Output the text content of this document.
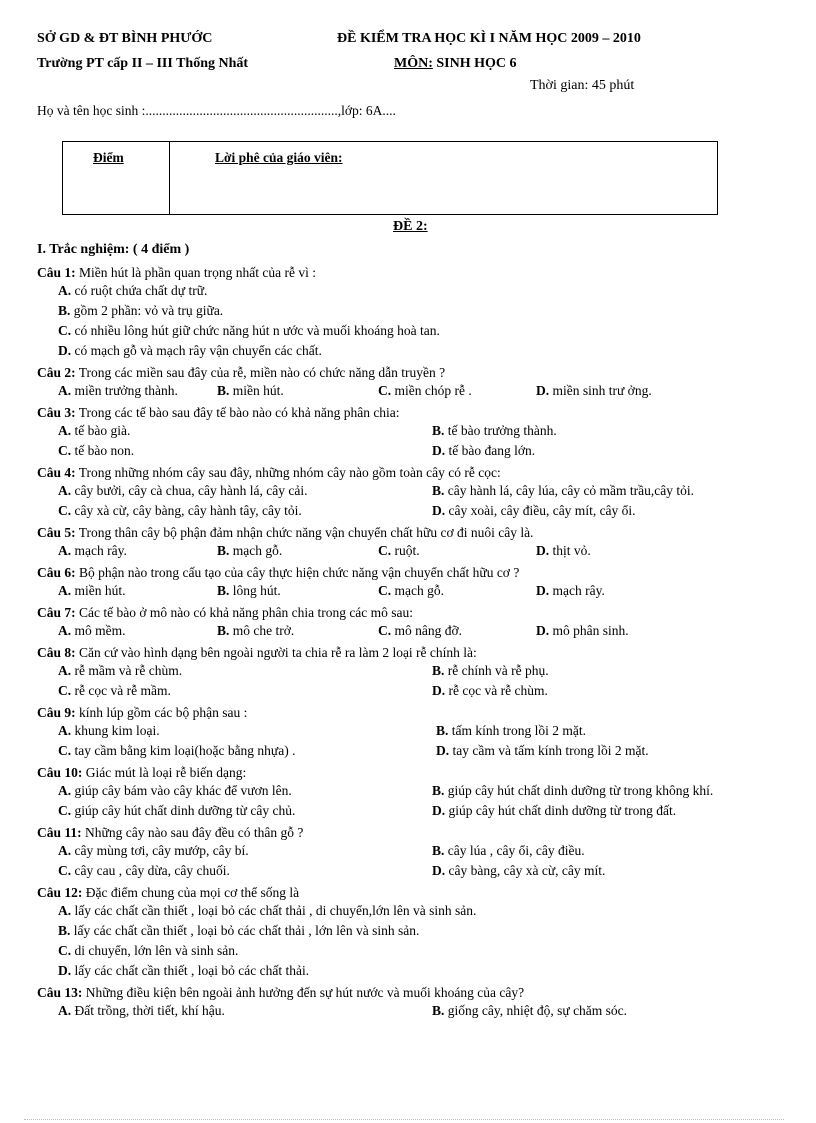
SỞ GD & ĐT BÌNH PHƯỚC	ĐỀ KIỂM TRA HỌC KÌ I NĂM HỌC 2009 – 2010
Trường PT cấp II – III Thống Nhất	MÔN: SINH HỌC 6
Thời gian: 45 phút
Họ và tên học sinh :.........................................................,lớp: 6A....
Điểm	Lời phê của giáo viên:
ĐỀ 2:
I. Trắc nghiệm: ( 4 điểm )
Câu 1: Miền hút là phần quan trọng nhất của rễ vì :
A. có ruột chứa chất dự trữ.
B. gồm 2 phần: vỏ và trụ giữa.
C. có nhiều lông hút giữ chức năng hút n ước và muối khoáng hoà tan.
D. có mạch gỗ và mạch rây vận chuyển các chất.
Câu 2: Trong các miền sau đây của rễ, miền nào có chức năng dẫn truyền ?
A. miền trưởng thành.	B. miền hút.	C. miền chóp rễ .	D. miền sinh trư ởng.
Câu 3: Trong các tế bào sau đây tế bào nào có khả năng phân chia:
A. tế bào già.	B. tế bào trưởng thành.
C. tế bào non.	D. tế bào đang lớn.
Câu 4: Trong những nhóm cây sau đây, những nhóm cây nào gồm toàn cây có rễ cọc:
A. cây bưởi, cây cà chua, cây hành lá, cây cải.	B. cây hành lá, cây lúa, cây cỏ mầm trầu,cây tỏi.
C. cây xà cừ, cây bàng, cây hành tây, cây tỏi.	D. cây xoài, cây điều, cây mít, cây ổi.
Câu 5: Trong thân cây bộ phận đảm nhận chức năng vận chuyển chất hữu cơ đi nuôi cây là.
A. mạch rây.	B. mạch gỗ.	C. ruột.	D. thịt vỏ.
Câu 6: Bộ phận nào trong cấu tạo của cây thực hiện chức năng vận chuyển chất hữu cơ ?
A. miền hút.	B. lông hút.	C. mạch gỗ.	D. mạch rây.
Câu 7: Các tế bào ở mô nào có khả năng phân chia trong các mô sau:
A. mô mềm.	B. mô che trở.	C. mô nâng đỡ.	D. mô phân sinh.
Câu 8: Căn cứ vào hình dạng bên ngoài người ta chia rễ ra làm 2 loại rễ chính là:
A. rễ mầm và rễ chùm.	B. rễ chính và rễ phụ.
C. rễ cọc và rễ mầm.	D. rễ cọc và rễ chùm.
Câu 9: kính lúp gồm các bộ phận sau :
A. khung kim loại.	B. tấm kính trong lồi 2 mặt.
C. tay cầm bằng kim loại(hoặc bằng nhựa) .	D. tay cầm và tấm kính trong lồi 2 mặt.
Câu 10: Giác mút là loại rễ biến dạng:
A. giúp cây bám vào cây khác để vươn lên.	B. giúp cây hút chất dinh dưỡng từ trong không khí.
C. giúp cây hút chất dinh dưỡng từ cây chủ.	D. giúp cây hút chất dinh dưỡng từ trong đất.
Câu 11: Những cây nào sau đây đều có thân gỗ ?
A. cây mùng tơi, cây mướp, cây bí.	B. cây lúa , cây ổi, cây điều.
C. cây cau , cây dừa, cây chuối.	D. cây bàng, cây xà cừ, cây mít.
Câu 12: Đặc điểm chung của mọi cơ thể sống là
A. lấy các chất cần thiết , loại bỏ các chất thải , di chuyển,lớn lên và sinh sản.
B. lấy các chất cần thiết , loại bỏ các chất thải , lớn lên và sinh sản.
C. di chuyển, lớn lên và sinh sản.
D. lấy các chất cần thiết , loại bỏ các chất thải.
Câu 13: Những điều kiện bên ngoài ảnh hưởng đến sự hút nước và muối khoáng của cây?
A. Đất trồng, thời tiết, khí hậu.	B. giống cây, nhiệt độ, sự chăm sóc.
